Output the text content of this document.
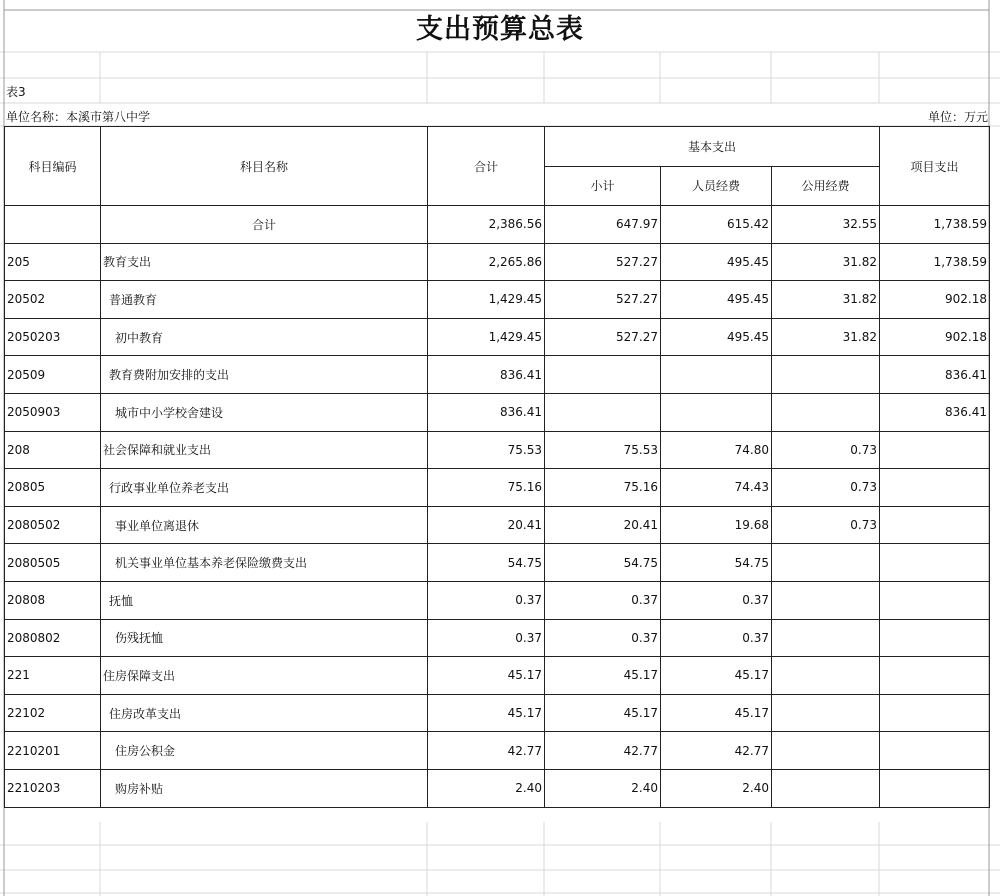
支出预算总表
表3
单位名称：本溪市第八中学	单位：万元
科目编码	科目名称	合计	基本支出			项目支出
			小计	人员经费	公用经费	
	合计	2,386.56	647.97	615.42	32.55	1,738.59
205	教育支出	2,265.86	527.27	495.45	31.82	1,738.59
20502	普通教育	1,429.45	527.27	495.45	31.82	902.18
2050203	初中教育	1,429.45	527.27	495.45	31.82	902.18
20509	教育费附加安排的支出	836.41				836.41
2050903	城市中小学校舍建设	836.41				836.41
208	社会保障和就业支出	75.53	75.53	74.80	0.73	
20805	行政事业单位养老支出	75.16	75.16	74.43	0.73	
2080502	事业单位离退休	20.41	20.41	19.68	0.73	
2080505	机关事业单位基本养老保险缴费支出	54.75	54.75	54.75		
20808	抚恤	0.37	0.37	0.37		
2080802	伤残抚恤	0.37	0.37	0.37		
221	住房保障支出	45.17	45.17	45.17		
22102	住房改革支出	45.17	45.17	45.17		
2210201	住房公积金	42.77	42.77	42.77		
2210203	购房补贴	2.40	2.40	2.40		
